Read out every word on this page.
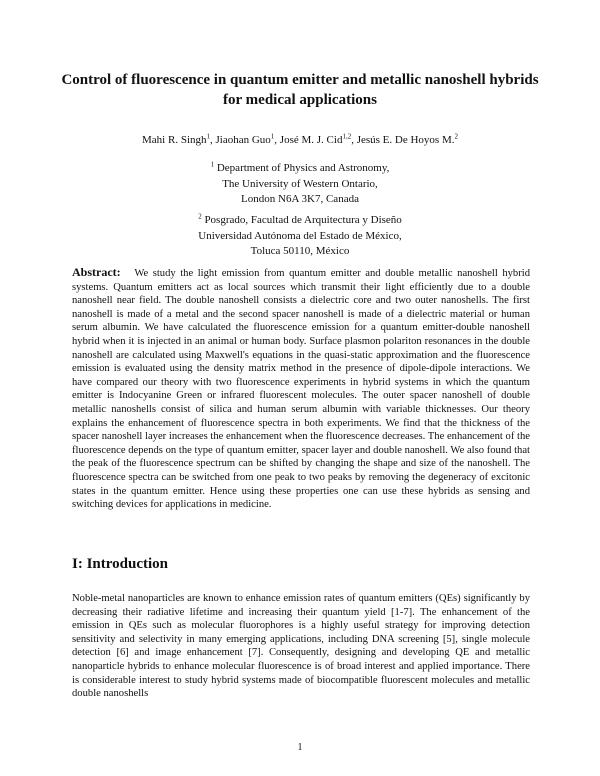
Control of fluorescence in quantum emitter and metallic nanoshell hybrids for medical applications
Mahi R. Singh$^1$, Jiaohan Guo$^1$, José M. J. Cid$^{1,2}$, Jesús E. De Hoyos M.$^2$
$^1$ Department of Physics and Astronomy,
The University of Western Ontario,
London N6A 3K7, Canada
$^2$ Posgrado, Facultad de Arquitectura y Diseño
Universidad Autónoma del Estado de México,
Toluca 50110, México
Abstract: We study the light emission from quantum emitter and double metallic nanoshell hybrid systems. Quantum emitters act as local sources which transmit their light efficiently due to a double nanoshell near field. The double nanoshell consists a dielectric core and two outer nanoshells. The first nanoshell is made of a metal and the second spacer nanoshell is made of a dielectric material or human serum albumin. We have calculated the fluorescence emission for a quantum emitter-double nanoshell hybrid when it is injected in an animal or human body. Surface plasmon polariton resonances in the double nanoshell are calculated using Maxwell's equations in the quasi-static approximation and the fluorescence emission is evaluated using the density matrix method in the presence of dipole-dipole interactions. We have compared our theory with two fluorescence experiments in hybrid systems in which the quantum emitter is Indocyanine Green or infrared fluorescent molecules. The outer spacer nanoshell of double metallic nanoshells consist of silica and human serum albumin with variable thicknesses. Our theory explains the enhancement of fluorescence spectra in both experiments. We find that the thickness of the spacer nanoshell layer increases the enhancement when the fluorescence decreases. The enhancement of the fluorescence depends on the type of quantum emitter, spacer layer and double nanoshell. We also found that the peak of the fluorescence spectrum can be shifted by changing the shape and size of the nanoshell. The fluorescence spectra can be switched from one peak to two peaks by removing the degeneracy of excitonic states in the quantum emitter. Hence using these properties one can use these hybrids as sensing and switching devices for applications in medicine.
I: Introduction
Noble-metal nanoparticles are known to enhance emission rates of quantum emitters (QEs) significantly by decreasing their radiative lifetime and increasing their quantum yield [1-7]. The enhancement of the emission in QEs such as molecular fluorophores is a highly useful strategy for improving detection sensitivity and selectivity in many emerging applications, including DNA screening [5], single molecule detection [6] and image enhancement [7]. Consequently, designing and developing QE and metallic nanoparticle hybrids to enhance molecular fluorescence is of broad interest and applied importance. There is considerable interest to study hybrid systems made of biocompatible fluorescent molecules and metallic double nanoshells
1
